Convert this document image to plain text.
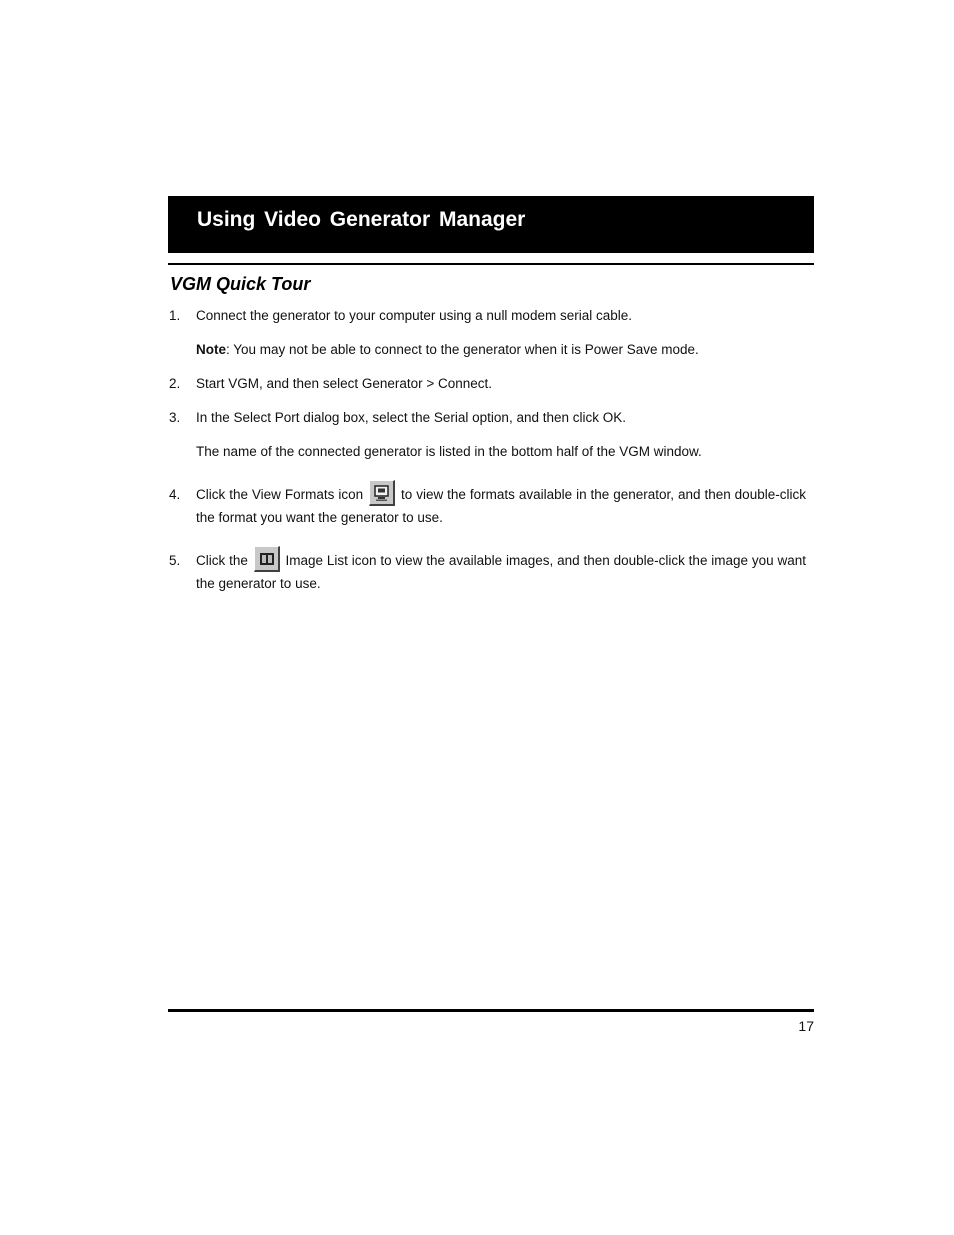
Using Video Generator Manager
VGM Quick Tour
1. Connect the generator to your computer using a null modem serial cable.
Note: You may not be able to connect to the generator when it is Power Save mode.
2. Start VGM, and then select Generator > Connect.
3. In the Select Port dialog box, select the Serial option, and then click OK.
The name of the connected generator is listed in the bottom half of the VGM window.
4. Click the View Formats icon	to view the formats available in the generator, and then double-click the format you want the generator to use.
5. Click the	Image List icon to view the available images, and then double-click the image you want the generator to use.
17
